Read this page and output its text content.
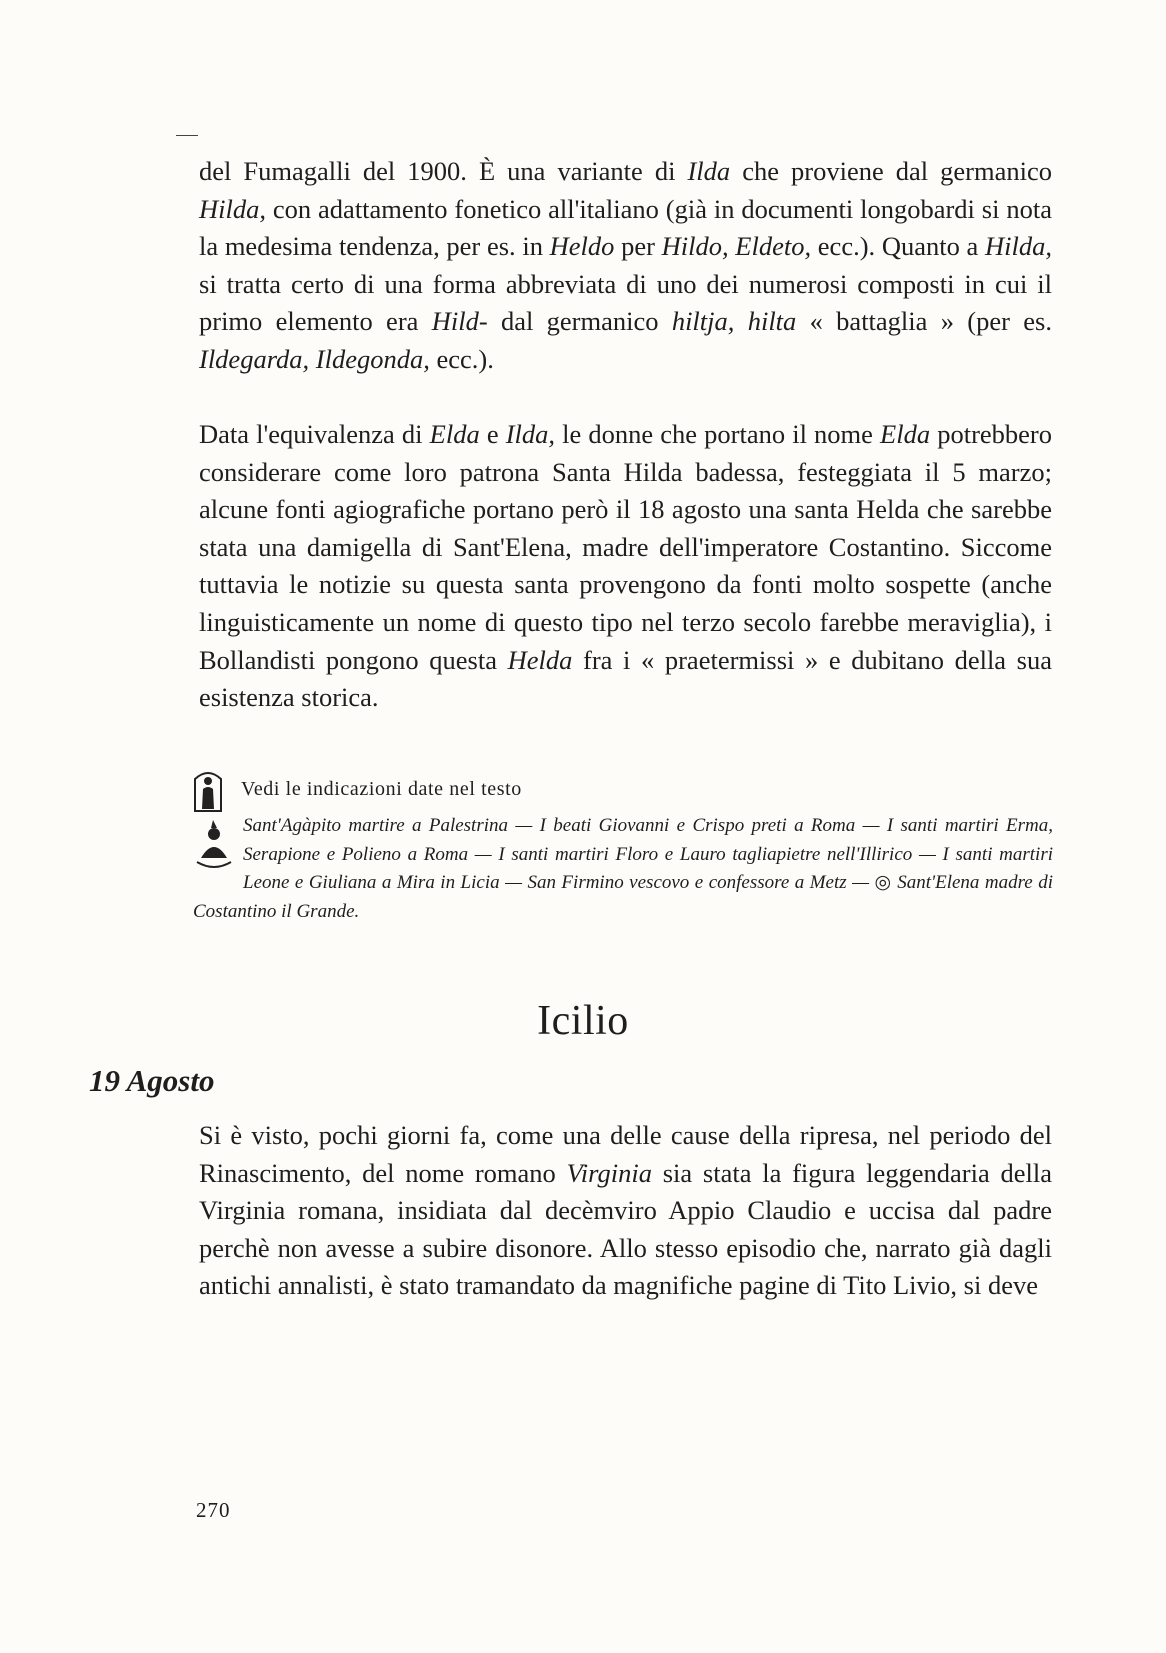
del Fumagalli del 1900. È una variante di Ilda che proviene dal germanico Hilda, con adattamento fonetico all'italiano (già in documenti longobardi si nota la medesima tendenza, per es. in Heldo per Hildo, Eldeto, ecc.). Quanto a Hilda, si tratta certo di una forma abbreviata di uno dei numerosi composti in cui il primo elemento era Hild- dal germanico hiltja, hilta « battaglia » (per es. Ildegarda, Ildegonda, ecc.).

Data l'equivalenza di Elda e Ilda, le donne che portano il nome Elda potrebbero considerare come loro patrona Santa Hilda badessa, festeggiata il 5 marzo; alcune fonti agiografiche portano però il 18 agosto una santa Helda che sarebbe stata una damigella di Sant'Elena, madre dell'imperatore Costantino. Siccome tuttavia le notizie su questa santa provengono da fonti molto sospette (anche linguisticamente un nome di questo tipo nel terzo secolo farebbe meraviglia), i Bollandisti pongono questa Helda fra i « praetermissi » e dubitano della sua esistenza storica.

Vedi le indicazioni date nel testo
Sant'Agàpito martire a Palestrina — I beati Giovanni e Crispo preti a Roma — I santi martiri Erma, Serapione e Polieno a Roma — I santi martiri Floro e Lauro tagliapietre nell'Illirico — I santi martiri Leone e Giuliana a Mira in Licia — San Firmino vescovo e confessore a Metz — ◎ Sant'Elena madre di Costantino il Grande.
Icilio
19 Agosto

Si è visto, pochi giorni fa, come una delle cause della ripresa, nel periodo del Rinascimento, del nome romano Virginia sia stata la figura leggendaria della Virginia romana, insidiata dal decèmviro Appio Claudio e uccisa dal padre perchè non avesse a subire disonore. Allo stesso episodio che, narrato già dagli antichi annalisti, è stato tramandato da magnifiche pagine di Tito Livio, si deve

270
